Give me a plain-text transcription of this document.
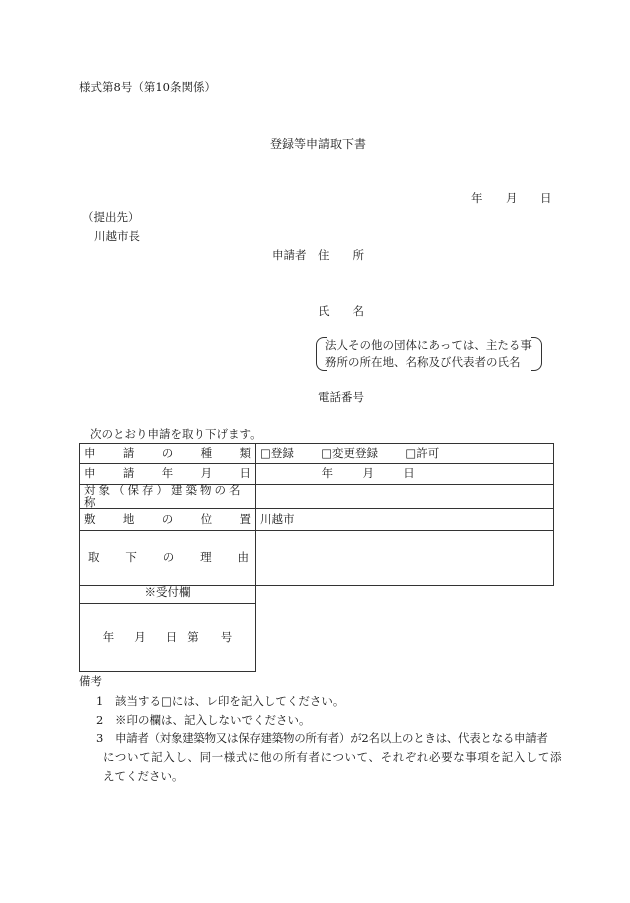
様式第8号（第10条関係）
登録等申請取下書
年 月 日
（提出先）
川越市長
申請者 住　　所
氏　　名
法人その他の団体にあっては、主たる事
務所の所在地、名称及び代表者の氏名
電話番号
次のとおり申請を取り下げます。
申 請 の 種 類	□登録 □変更登録 □許可

申 請 年 月 日	年 月 日
対象（保存）建築物の名称	

敷 地 の 位 置	川越市

取 下 の 理 由	

※受付欄
年 月 日 第 号
備考
1 該当する□には、レ印を記入してください。
2 ※印の欄は、記入しないでください。
3 申請者（対象建築物又は保存建築物の所有者）が2名以上のときは、代表となる申請者
について記入し、同一様式に他の所有者について、それぞれ必要な事項を記入して添
えてください。
